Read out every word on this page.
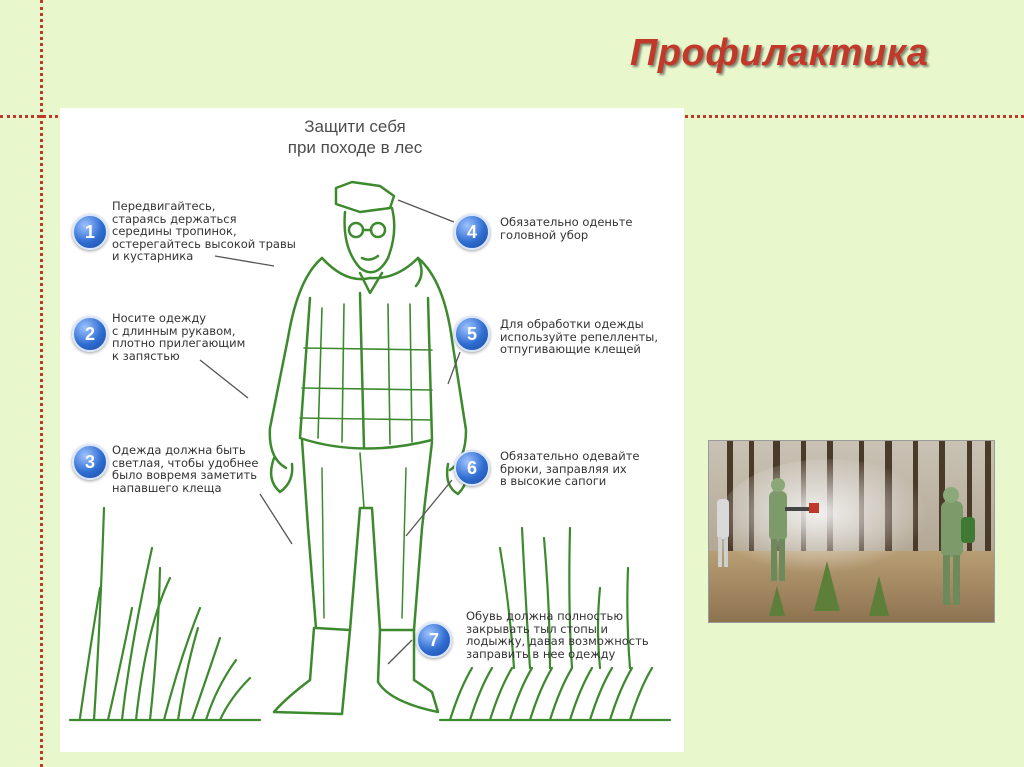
Профилактика
Защити себя
при походе в лес
1
Передвигайтесь,
стараясь держаться
середины тропинок,
остерегайтесь высокой травы
и кустарника
2
Носите одежду
с длинным рукавом,
плотно прилегающим
к запястью
3
Одежда должна быть
светлая, чтобы удобнее
было вовремя заметить
напавшего клеща
4	Обязательно оденьте
головной убор
5	Для обработки одежды
используйте репелленты,
отпугивающие клещей
6
Обязательно одевайте
брюки, заправляя их
в высокие сапоги
7
Обувь должна полностью
закрывать тыл стопы и
лодыжку, давая возможность
заправить в нее одежду
